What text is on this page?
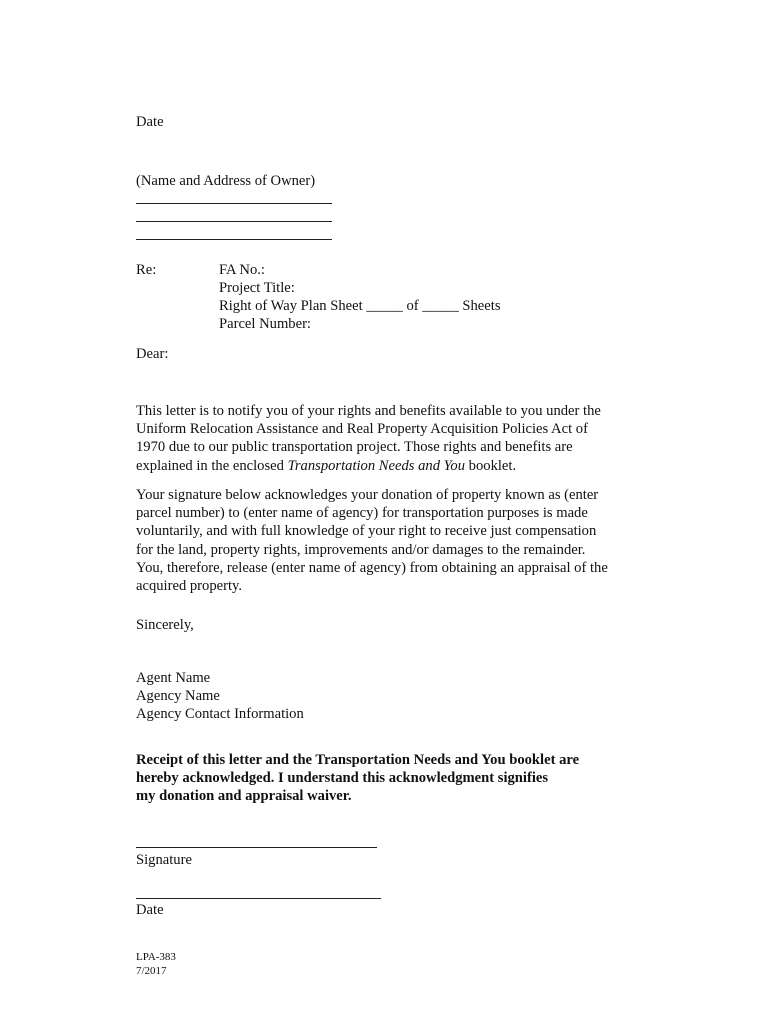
Date
(Name and Address of Owner)
Re:	FA No.:
Project Title:
Right of Way Plan Sheet _____ of _____ Sheets
Parcel Number:
Dear:

This letter is to notify you of your rights and benefits available to you under the

Uniform Relocation Assistance and Real Property Acquisition Policies Act of

1970 due to our public transportation project. Those rights and benefits are

explained in the enclosed Transportation Needs and You booklet.

Your signature below acknowledges your donation of property known as (enter

parcel number) to (enter name of agency) for transportation purposes is made

voluntarily, and with full knowledge of your right to receive just compensation

for the land, property rights, improvements and/or damages to the remainder.

You, therefore, release (enter name of agency) from obtaining an appraisal of the

acquired property.

Sincerely,
Agent Name
Agency Name
Agency Contact Information
Receipt of this letter and the Transportation Needs and You booklet are
hereby acknowledged. I understand this acknowledgment signifies
my donation and appraisal waiver.
Signature
Date
LPA-383
7/2017
